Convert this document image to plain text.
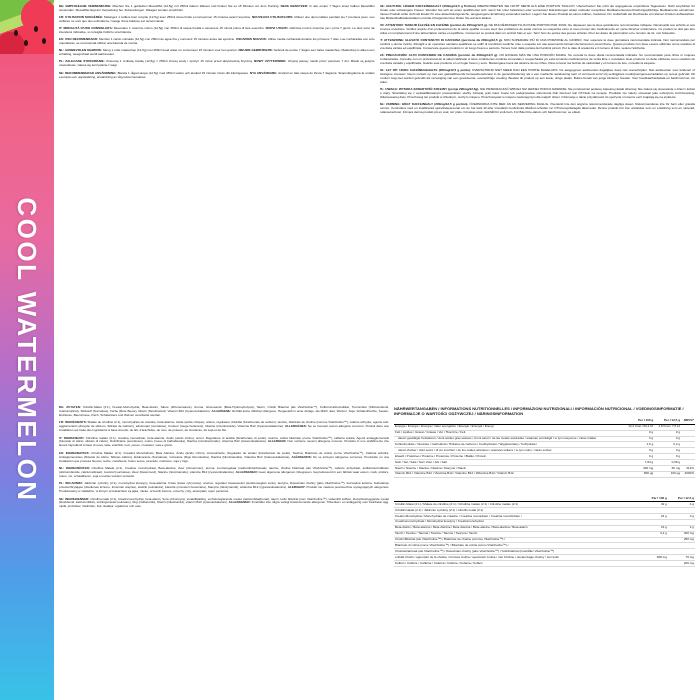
COOL WATERMELON

DE: EMPFOHLENE VERWENDUNG: Mischen Sie 1 gehäuften Messlöffel (12,5g) mit 250ml kaltem Wasser und trinken Sie es 15 Minuten vor dem Training. NEUE BENUTZER: In den ersten 7 Tagen einen halben Messlöffel verwenden. Messlöffel liegt der Verpackung bei. Zubereitungen, Waagen werden empfohlen.

FR: UTILISATION SUGGÉRÉE: Mélangez 1 cuillère bien remplie (12,5g) avec 250ml d'eau froide et consommer 15 minutes avant l'exercice. NOUVEAUX UTILISATEURS: Utilisez une demi-cuillère pendant les 7 premiers jours. Les cuillères ne sont que des estimations, l'usage d'une balance est recommandé.

IT: MODALITÀ D'USO CONSIGLIATA: Mescolare 1 misurino colmo (12,5g) con 250ml di acqua fredda e assumere 15 minuti prima di fare esercizio. NUOVI UTENTI: utilizzare mezzo misurino per i primi 7 giorni. Le dosi sono da intendersi indicative, si consiglia l'utilizzo una bilancia.

ES: USO RECOMENDADO: Mezclar 1 cacito colmado (12,5g) con 250ml de agua fría y consumir 15 minutos antes del ejercicio. USUARIOS NUEVOS: Utilice media cucharada durante los primeros 7 días. Las cucharadas son solo orientativas, se recomienda utilizar una báscula de cocina.

NL: AANBEVOLEN GEBRUIK: Meng 1 volle maatschep (12,5g) met 250ml koud water en consumeer 15 minuten voor het sporten. NIEUWE GEBRUIKERS: Gebruik de eerste 7 dagen een halve maatschep. Maatschep is alleen een schatting, weegschaal wordt aanbevolen.

PL: ZALECANE STOSOWANIE: Zmieszaj 1 czubatą miarkę (12,5g) z 250ml zimnej wody i spożyć 15 minut przed aktywnością fizyczną. NOWY UŻYTKOWNIK: Używaj połowy miarki przez pierwsze 7 dni. Miarki są jedynie szacunkowe, zaleca się korzystanie z wagi.

SE: REKOMMENDERAD ANVÄNDNING: Blanda 1 rågad skopa (12,5g) med 250ml vatten och använd 15 minuter innan ditt träningspass. NYA ANVÄNDARE: Använd en halv skopa de första 7 dagarna. Skopmängderna är endast exempla som uppskattning, användning av våg rekommenderas.

DE: ACHTUNG: HOHER KOFFEINGEHALT (200mg/12,5 g Portion) ÜBERSCHREITEN SIE NICHT MEHR ALS EINE PORTION TÄGLICH. Überschreiten Sie nicht die angegebene empfohlene Tagesdosis. Nicht empfohlen für Kinder oder schwangere Frauen. Wenden Sie sich an einen qualifizierten Arzt, wenn Sie unter bekannten oder vermuteten Erkrankungen leiden und/oder rezeptfreie Medikamente/verschreibungspflichtige Medikamente einnehmen. Dieses Produkt sollte nicht als Ersatz für eine abwechslungsreiche, ausgewogene Ernährung verwendet werden. Lagern Sie dieses Produkt an einem kühlen, trockenen Ort. Außerhalb der Reichweite von kleinen Kindern aufbewahren. Das Mindesthaltbarkeitsdatum und die Chargennummer finden Sie auf dem Etikett.

FR: ATTENTION: TENEUR ÉLEVÉE EN CAFÉINE (portion de 200mg/12,5 g). NE PAS DÉPASSER PLUS D'UNE PORTION PAR JOUR. Ne dépassez pas la dose quotidienne recommandée indiquée. Déconseillé aux enfants et aux femmes enceintes. Vérifiez auprès d'un professionnel de la santé qualifié si vous avez des problèmes de santé connus ou suspectés et/ou si vous prenez des médicaments en vente libre/sur ordonnance. Ce produit ne doit pas être utilisé en remplacement d'une alimentation variée et équilibrée. Conservez ce produit dans un endroit frais et sec. Tenir hors de portée des jeunes enfants. Pour les dates de péremption et le numéro de lot, voir l'étiquette.

IT: ATTENZIONE: ELEVATO CONTENUTO DI CAFFEINA (porzione da 200mg/12,5 g). NON SUPERARE PIÙ DI UNA PORZIONE AL GIORNO. Non superare la dose giornaliera raccomandata indicata. Non raccomandato per bambini o donne incinte. Rivolgiti a un operatore sanitario qualificato se soffri di condizioni mediche note o sospette e/o stai assumendo farmaci da banco/con prescrizione. Questo prodotto non deve essere utilizzato come sostituto di una dieta variata ed equilibrata. Conservare questo prodotto in un luogo fresco e asciutto. Tenere fuori dalla portata dei bambini piccoli. Per le date di scadenza e il numero di lotto, vedere l'etichetta.

ES: PRECAUCIÓN: ALTO CONTENIDO DE CAFEÍNA (porción de 200mg/12,5 g). NO EXCEDA MÁS DE UNA PORCIÓN DIARIA. No exceda la dosis diaria recomendada indicada. No recomendado para niños ni mujeres embarazadas. Consulte con un profesional de la salud calificado si tiene condiciones médicas conocidas o sospechadas y/o está tomando medicamentos de venta libre o recetados. Este producto no debe utilizarse como sustituto de una dieta variada y equilibrada. Guarde este producto en un lugar fresco y seco. Mantengase fuera del alcance de los niños. Para conocer las fechas de caducidad y el número de lote, consulte la etiqueta.

NL: LET OP: HOOG CAFEÏNEGEHALTE (200mg/12,5 g portie). OVERSCHRIJD NIET MEER DAN EEN PORTIE DAGELIJKS. De aangegeven aanbevolen dagelijkse dosis niet overschrijden. Niet aanbevolen voor kinderen of zwangere vrouwen. Neem contact op met een gekwalificeerde beroepsbeoefenaar in de gezondheidszorg als u een medische aandoening kent of vermoedt en/of vrij verkrijgbare medicijnen/geneesmiddelen op recept gebruikt. Dit product mag niet worden gebruikt als vervanging van een gevarieerde, evenwichtige voeding. Bewaar dit product op een koele, droge plaats. Buiten bereik van jonge kinderen houden. Voor houdbaarheidsdata en batchnummer, zie etiket.

PL: UWAGA: WYSOKA ZAWARTOŚĆ KOFEINY (porcja 200mg/12,5g). NIE PRZEKRACZAĆ WIĘCEJ NIŻ JEDNEJ PORCJI DZIENNIE. Nie przekraczać podanej zalecanej dawki dziennej. Nie zaleca się stosowania u dzieci i kobiet w ciąży. Skontaktuj się z wykwalifikowanym pracownikiem służby zdrowia, jeśli masz znane lub podejrzewane schorzenia i/lub bierzesz leki OTC/leki na receptę. Produktu nie należy stosować jako substytutu zróżnicowanej, zbilansowanej diety. Przechowuj ten produkt w chłodnym, suchym miejscu. Przechowywać w miejscu niedostępnym dla małych dzieci. Informacje o dacie przydatności do spożycia i numerze serii znajdują się na etykiecie.

SE: VARNING: HÖGT KAFFEINHALT (200mg/12,5 g portion). ÖVERSKRIDA INTE MER ÄN EN SERVERING DAGLIG. Överskrid inte den angivna rekommenderade dagliga dosen. Rekommenderas inte för barn eller gravida kvinnor. Kontrollera med en kvalificerad sjukvårdspersonal om du har känt till eller misstänkt medicinska tillstånd och/eller tar OTC/receptbelagda läkemedel. Denna produkt bör inte användas som en ersättning som en varierad, balanserad kost. Förvara denna produkt på en sval, torr plats. Förvaras utom räckhåll för små barn. För Bäst före-datum och batchnummer, se etikett.

DE: ZUTATEN: Citrullin-Malat (2:1), Kreatin-Monohydrat, Beta-Alanin, Säure (Zitronensäure), Aroma, Glucosamin (Beta-Hydroxybutyrat), Taurin, Cholin Bitartrat (als VitaCholine™), Koffein-Kalziumsilikat, Trennmittel (Siliciumdioxid, Calciumsilicat), Süßstoff (Sucralose), Farbe (Rote Beete), Niacin (Nicotinamid), Vitamin B12 (Cyanocobalamin). ALLERGENE: Enthält keine üblichen Allergene. Hergestellt in einer Anlage, die Milch, Eier, Weizen, Soja, Schalenfrüchte, Sesam, Erdnüsse, Baumnüsse, Fisch, Schalentiere und Weizen verarbeitet werden.

FR: INGRÉDIENTS: Malate de citrulline (2:1), monohydrate de créatine, bêta-alanine, Acide (acide citrique), arôme, régulateur d'acidité (bicarbonate de sodium), taurine, bitartrate de choline (comme VitaCholine™), caféine anhydre, agents anti-agglomérants (dioxyde de silicium, Silicate de calcium), édulcorant (sucralose), Couleur (rouge betterave), Niacine (nicotinamide), Vitamine B12 (Cyanocobalamine). ALLERGÈNES: Ne se trouvent aucun allergène commun. Produit dans une installation qui traite des ingrédients à base d'oeufs, de lait, d'arachides, de noix, de poisson, de crustacés, de soja et de blé.

IT: INGREDIENTI: Citrullina malato (2:1), creatina monoidrato, beta-alanina, Acido (acido citrico), aromi, Regolatore di acidità (bicarbonato di sodio), taurina, colina bitartrato (come VitaCholine™), caffeina anidra, Agenti antiagglomeranti (biossido di silicio, silicato di calcio), Dolcificante (sucralosio), colore (rosso di barbabietola), Niacina (nicotinammide), vitamina B12 (cianocobalamina). ALLERGENI: Non contiene nessun allergene comune. Prodotto in uno stabilimento che lavora ingredienti a base di uova, latte, arachidi, noci, pesce, crostacei, soia e grano.

ES: INGREDIENTES: Citrulina Malato (2:1), Creatina Monohidrato, Beta Alanina, Ácido (ácido cítrico), Aromatizante, Regulador de acidez (bicarbonato de sodio), Taurina, Bitartrato de colina (como VitaCholine™), Cafeína anhidra, Antiaglomerantes (Dióxido de silicio, Silicato cálcico), Edulcorante (Sucralosa), Colorante (Rojo Remolacha), Niacina (Nicotinamida), Vitamina B12 (Cianocobalamina). ALÉRGENOS: No se incluyen alérgenos comunes. Producido en una instalación que procesa huevos, leche, cacahuete, frutos secos, pescado, mariscos, soja y trigo.

NL: INGREDIËNTEN: Citrulline Malaat (2:1), Creatine monohydraat, Beta-alanine, Zuur (citroenzuur), aroma, zuurteregelaar (natriumbicarbonaat), taurine, choline bitartraat (als VitaCholine™), cafeïne anhydraat, antiklontermiddelen (siliciumdioxide, calciumsilicaat), zoetstof (sucralose), kleur (bietenrood), Niacine (nicotinamide), vitamine B12 (cyanocobalamine). ALLERGENEN: Geen algemene allergenen inbegrepen. Geproduceerd in een fabriek waar eieren, melk, pinda's, noten, vis, schaaldieren, soja en tarwe worden verwerkt.

PL: SKŁADNIKI: Jabłczan cytruliny (2:1), monohydrat kreatyny, beta-alanina, Kwas (kwas cytrynowy), aromat, regulator kwasowości (wodorowęglan sodu), tauryna, Dwuwinian choliny (jako VitaCholine™), bezwodna kofeina, Substancje przeciwzbrylające (dwutlenek krzemu, krzemian wapnia), słodzik (sukraloza), barwnik (czerwień buraczana), Niacyna (nikotynamid), witamina B12 (cyjanokobalamina). ALERGENY: Produkt nie zawiera powszechnie występujących alergenów. Produkowany w zakładzie, w którym przetwarzane są jajka, mleko, orzeszki ziemne, orzechy, ryby, skorupiaki, soja i pszenica.

SE: INGREDIENSER: Citrullin-malat (2:1), kreatinmonohydrat, beta-alanin, Syra (citronsyra), smaktillsätting, surhetsreglerande medel (natriumbikarbonat), taurin, kolin bitartrat (som VitaCholine™), vattenfritt koffein, klumpförebyggande medel (kiseldioxid, kalciumsilikat), sötningsmedel (sukralos), färg (rödbetsrött), Niacin (nikotinamid), vitamin B12 (cyanokobalamin). ALLERGENER: Innehåller inte några vanligt förekommande allergener. Tillverkas i en anläggning som bearbetar ägg, mjölk, jordnötter, trädnötter, fisk, skaldjur, sojabönor och vete.

NÄHRWERTANGABEN / INFORMATIONS NUTRITIONNELLES / INFORMAZIONI NUTRIZIONALI / INFORMACIÓN NUTRICIONAL / VOEDINGSINFORMATIE / INFORMACJE O WARTOŚCI ODŻYWCZEJ / NÄRINGSINFORMATION
	Per I 100 g	Per I 12,5 g	NRV%*
Energie / Énergie / Energia / Valor energético / Energie / Energia / Energi	14,4 Kcal / 60,2 kJ	1,8 Kcal / 7,5 kJ	
Fett / Lipides / Grassi / Grasas / Vet / Tłuszcze / Fett	0 g	0 g	
davon gesättigte Fettsäuren / dont acides gras saturés / di cui saturi / de las cuales saturadas / waarvan verzadigd / w tym nasycone / varav mättat	0 g	0 g	
Kohlenhydrate / Glucides / Carboidrati / Hidratos de carbono / Koolhydraten / Węglowodany / Kolhydrater	1,6 g	0,2 g	
davon Zucker / dont sucre / di cui zuccheri / de los cuales azúcares / waarvan suikers / w tym cukry / varav socker	0 g	0 g	
Eiweiß / Protéines / Proteine / Proteínas / Proteïne / Białko / Protein	0 g	0 g	
Salz / Sel / Sale / Sal / Zout / Sól / Salt	7,84 g	0,98 g	
Niacin / Niacine / Niacina / Niacina / Niacyna / Niacin	400 mg	50 mg	312%
Vitamin B12 / Vitamine B12 / Vitamina B12 / Vitamine B12 / Witamina B12 / Vitamin B12	800 µg	100 µg	4000%
	Per I 100 g	Per I 12,5 g
Citrullin-Malat (2:1) / Malate de citrulline (2:1) / Citrullina malato (2:1) / Citrulina malato (2:1)	32 g	4 g
Citrullinmalaat (2:1) / Jabłczan cytruliny (2:1) / Citrullin malat (2:1)		
Kreatin-Monohydrat / Monohydrate de créatine / Creatina monoidrato / Creatina monohidrato /	24 g	3 g
Creatinemonohydraat / Monohydrat kreatyny / Kreatinmonohydrat		
Beta-Alanin / Bêta-alanine / Beta-Alanina / Beta-Alanina / Bèta-alanine / Beta-alanina / Beta-alanin	16 g	2 g
Taurin / Taurine / Taurina / Taurina / Taurine / Tauryna / Taurin	3,2 g	400 mg
Cholin-Bitartrat (als VitaCholine™) / Bitartrate de choline (comme VitaCholine™) /		250 mg
Bitartrato di colina (come VitaCholine™) / Bitartrato de colina (como VitaCholine™) /		
Cholinebitartraat (als VitaCholine™) / Dwuwinian choliny (jako VitaCholine™) / Kolinbitartrat (innehåller VitaCholine™)		
enthält Cholin / apportant de la choline / fornisce Colina / aportando Colina / met Choline / dostarczając choliny / Ger kolin	608 mg	76 mg
Koffein / Caféine / Caffeina / Cafeína / Cafeïne / Kofeina / Koffein		200 mg
